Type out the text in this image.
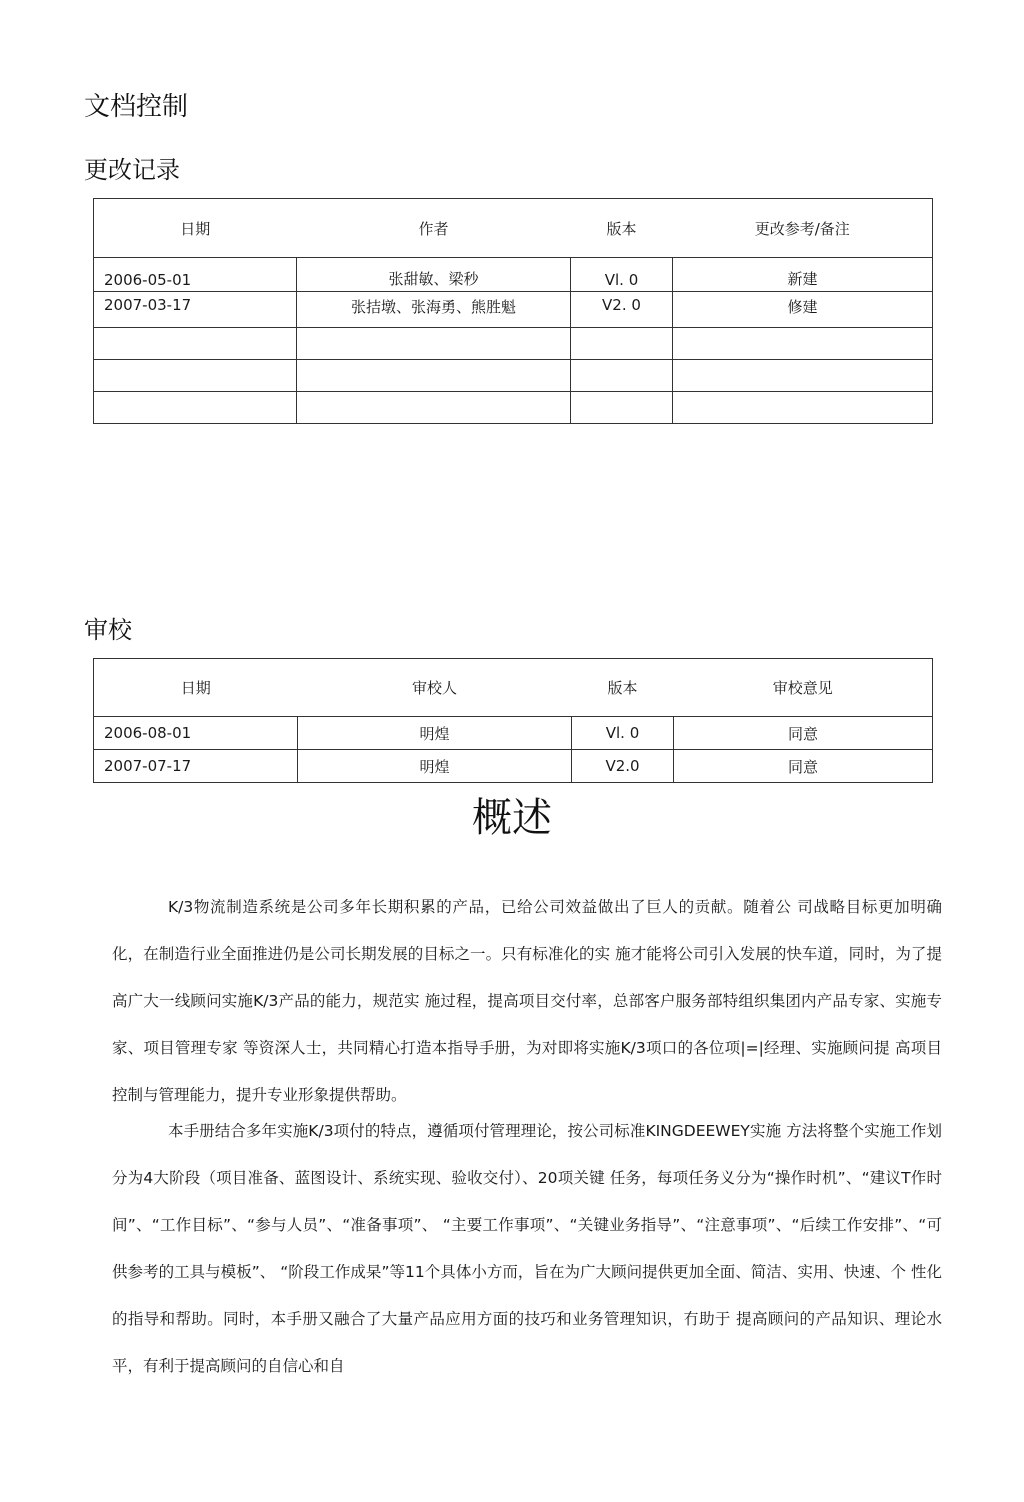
文档控制
更改记录
日期	作者	版本	更改参考/备注
2006-05-01	张甜敏、梁秒	Vl. 0	新建
2007-03-17	张拮墩、张海勇、熊胜魁	V2. 0	修建

审校
日期	审校人	版本	审校意见
2006-08-01	明煌	Vl. 0	同意
2007-07-17	明煌	V2.0	同意
概述

K/3物流制造系统是公司多年长期积累的产品，已给公司效益做出了巨人的贡献。随着公 司战略目标更加明确化，在制造行业全面推进仍是公司长期发展的目标之一。只有标准化的实 施才能将公司引入发展的快车道，同时，为了提高广大一线顾问实施K/3产品的能力，规范实 施过程，提高项目交付率，总部客户服务部特组织集团内产品专家、实施专家、项目管理专家 等资深人士，共同精心打造本指导手册，为对即将实施K/3项口的各位项|=|经理、实施顾问提 高项目控制与管理能力，提升专业形象提供帮助。

本手册结合多年实施K/3项付的特点，遵循项付管理理论，按公司标准KINGDEEWEY实施 方法将整个实施工作划分为4大阶段（项目准备、蓝图设计、系统实现、验收交付）、20项关键 任务，每项任务义分为“操作时机”、“建议T作时间”、“工作目标”、“参与人员”、“准备事项”、 “主要工作事项”、“关键业务指导”、“注意事项”、“后续工作安排”、“可供参考的工具与模板”、 “阶段工作成杲”等11个具体小方而，旨在为广大顾问提供更加全面、简洁、实用、快速、个 性化的指导和帮助。同时，本手册又融合了大量产品应用方面的技巧和业务管理知识，冇助于 提高顾问的产品知识、理论水平，有利于提高顾问的自信心和自
